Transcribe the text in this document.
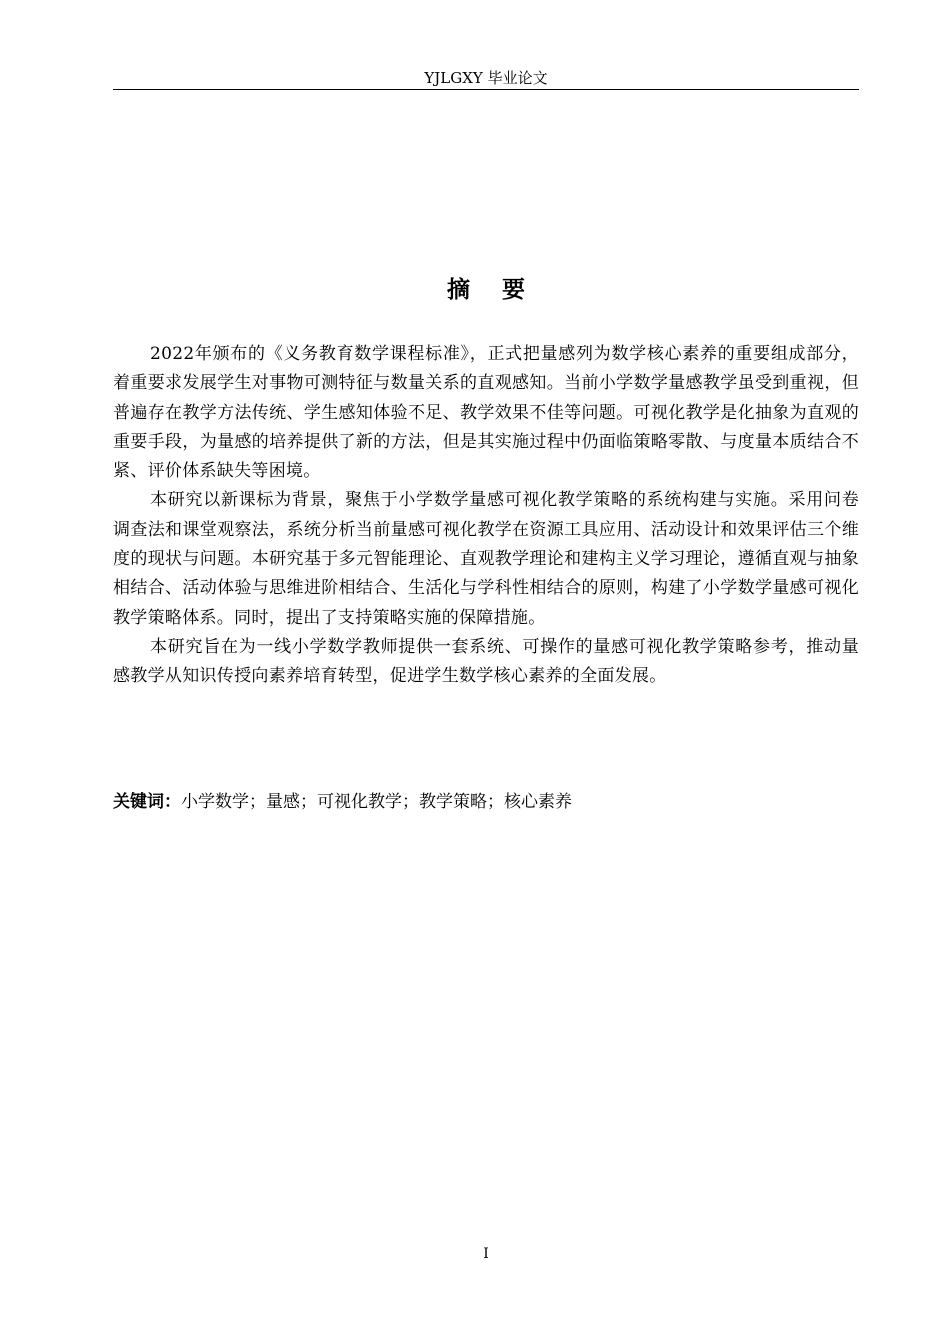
YJLGXY 毕业论文
摘要

2022年颁布的《义务教育数学课程标准》，正式把量感列为数学核心素养的重要组成部分，着重要求发展学生对事物可测特征与数量关系的直观感知。当前小学数学量感教学虽受到重视，但普遍存在教学方法传统、学生感知体验不足、教学效果不佳等问题。可视化教学是化抽象为直观的重要手段，为量感的培养提供了新的方法，但是其实施过程中仍面临策略零散、与度量本质结合不紧、评价体系缺失等困境。

本研究以新课标为背景，聚焦于小学数学量感可视化教学策略的系统构建与实施。采用问卷调查法和课堂观察法，系统分析当前量感可视化教学在资源工具应用、活动设计和效果评估三个维度的现状与问题。本研究基于多元智能理论、直观教学理论和建构主义学习理论，遵循直观与抽象相结合、活动体验与思维进阶相结合、生活化与学科性相结合的原则，构建了小学数学量感可视化教学策略体系。同时，提出了支持策略实施的保障措施。

本研究旨在为一线小学数学教师提供一套系统、可操作的量感可视化教学策略参考，推动量感教学从知识传授向素养培育转型，促进学生数学核心素养的全面发展。

关键词：小学数学；量感；可视化教学；教学策略；核心素养
I
